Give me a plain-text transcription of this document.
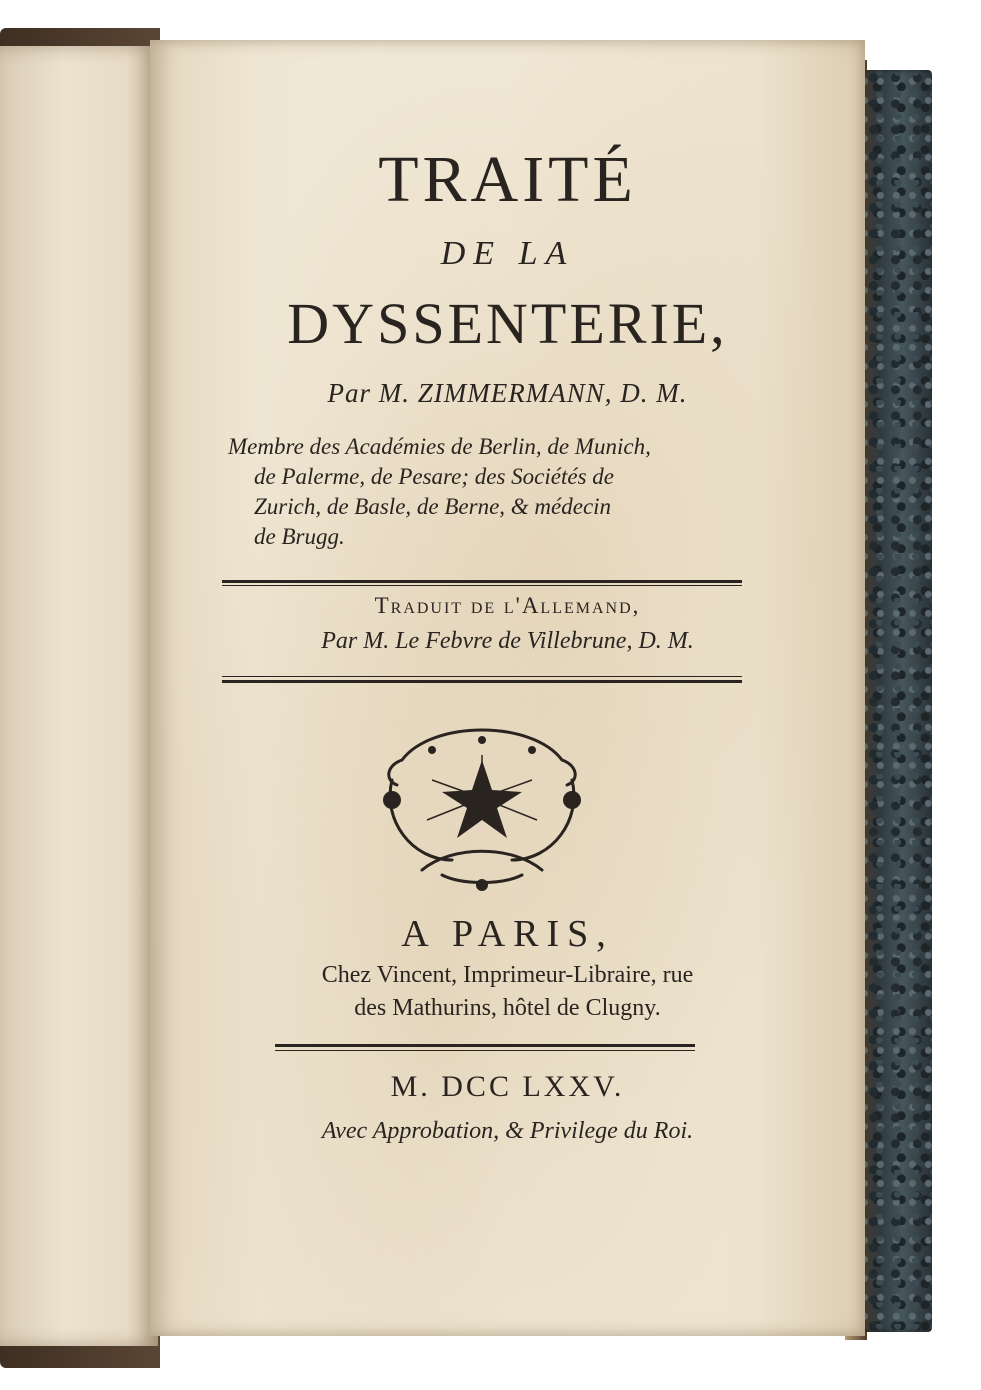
TRAITÉ
DE LA
DYSSENTERIE,
Par M. ZIMMERMANN, D. M.
Membre des Académies de Berlin, de Munich,
de Palerme, de Pesare; des Sociétés de
Zurich, de Basle, de Berne, & médecin
de Brugg.
Traduit de l'Allemand,
Par M. Le Febvre de Villebrune, D. M.
A PARIS,
Chez Vincent, Imprimeur-Libraire, rue
des Mathurins, hôtel de Clugny.
M. DCC LXXV.
Avec Approbation, & Privilege du Roi.
